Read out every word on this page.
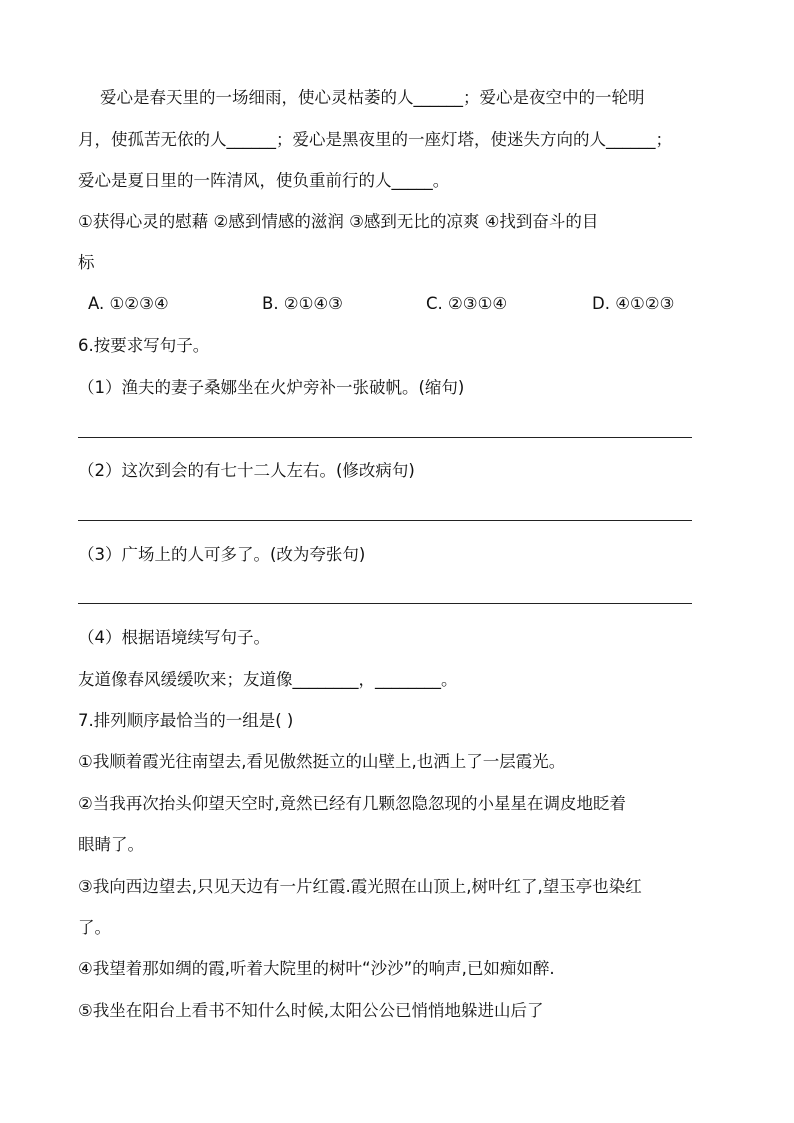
爱心是春天里的一场细雨，使心灵枯萎的人______；爱心是夜空中的一轮明
月，使孤苦无依的人______；爱心是黑夜里的一座灯塔，使迷失方向的人______；
爱心是夏日里的一阵清风，使负重前行的人_____。
①获得心灵的慰藉 ②感到情感的滋润 ③感到无比的凉爽 ④找到奋斗的目
标
A. ①②③④	B. ②①④③	C. ②③①④	D. ④①②③
6.按要求写句子。
（1）渔夫的妻子桑娜坐在火炉旁补一张破帆。(缩句)
（2）这次到会的有七十二人左右。(修改病句)
（3）广场上的人可多了。(改为夸张句)
（4）根据语境续写句子。
友道像春风缓缓吹来；友道像________，________。
7.排列顺序最恰当的一组是( )
①我顺着霞光往南望去,看见傲然挺立的山壁上,也洒上了一层霞光。
②当我再次抬头仰望天空时,竟然已经有几颗忽隐忽现的小星星在调皮地眨着
眼睛了。
③我向西边望去,只见天边有一片红霞.霞光照在山顶上,树叶红了,望玉亭也染红
了。
④我望着那如绸的霞,听着大院里的树叶“沙沙”的响声,已如痴如醉.
⑤我坐在阳台上看书不知什么时候,太阳公公已悄悄地躲进山后了
